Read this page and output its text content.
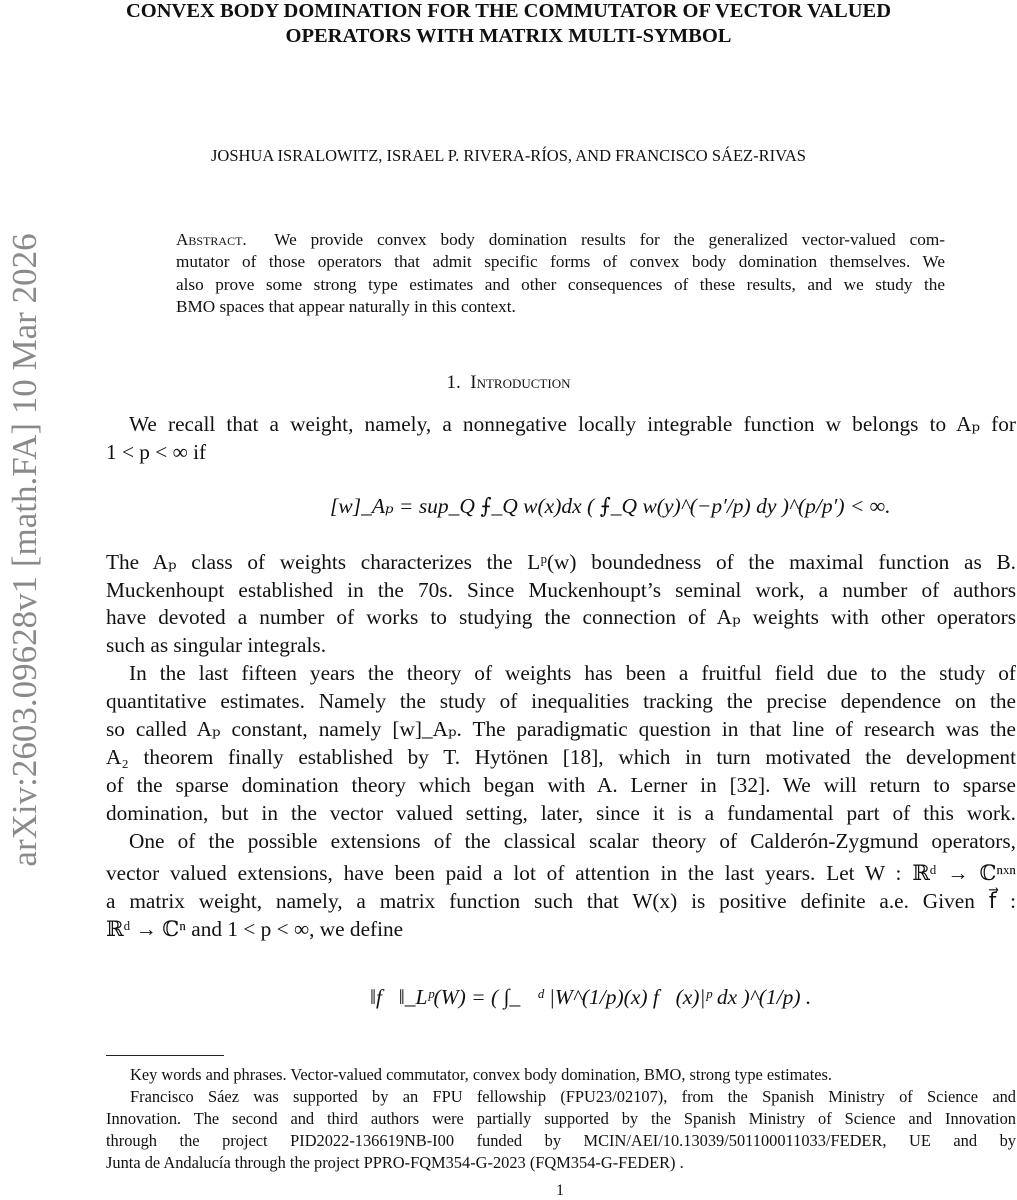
arXiv:2603.09628v1 [math.FA] 10 Mar 2026
CONVEX BODY DOMINATION FOR THE COMMUTATOR OF VECTOR VALUED
OPERATORS WITH MATRIX MULTI-SYMBOL
JOSHUA ISRALOWITZ, ISRAEL P. RIVERA-RÍOS, AND FRANCISCO SÁEZ-RIVAS
Abstract. We provide convex body domination results for the generalized vector-valued com-
mutator of those operators that admit specific forms of convex body domination themselves. We
also prove some strong type estimates and other consequences of these results, and we study the
BMO spaces that appear naturally in this context.
1. Introduction
We recall that a weight, namely, a nonnegative locally integrable function w belongs to Aₚ for
1 < p < ∞ if
[w]_Aₚ = sup_Q ⨍_Q w(x)dx ( ⨍_Q w(y)^(−p′/p) dy )^(p/p′) < ∞.
The Aₚ class of weights characterizes the Lᵖ(w) boundedness of the maximal function as B.
Muckenhoupt established in the 70s. Since Muckenhoupt’s seminal work, a number of authors
have devoted a number of works to studying the connection of Aₚ weights with other operators
such as singular integrals.
In the last fifteen years the theory of weights has been a fruitful field due to the study of
quantitative estimates. Namely the study of inequalities tracking the precise dependence on the
so called Aₚ constant, namely [w]_Aₚ. The paradigmatic question in that line of research was the
A₂ theorem finally established by T. Hytönen [18], which in turn motivated the development
of the sparse domination theory which began with A. Lerner in [32]. We will return to sparse
domination, but in the vector valued setting, later, since it is a fundamental part of this work.
One of the possible extensions of the classical scalar theory of Calderón-Zygmund operators,
vector valued extensions, have been paid a lot of attention in the last years. Let W : ℝᵈ → ℂⁿˣⁿ
a matrix weight, namely, a matrix function such that W(x) is positive definite a.e. Given f⃗ :
ℝᵈ → ℂⁿ and 1 < p < ∞, we define
‖f⃗‖_Lᵖ(W) = ( ∫_ℝᵈ |W^(1/p)(x) f⃗(x)|ᵖ dx )^(1/p) .
Key words and phrases. Vector-valued commutator, convex body domination, BMO, strong type estimates.
Francisco Sáez was supported by an FPU fellowship (FPU23/02107), from the Spanish Ministry of Science and
Innovation. The second and third authors were partially supported by the Spanish Ministry of Science and Innovation
through the project PID2022-136619NB-I00 funded by MCIN/AEI/10.13039/501100011033/FEDER, UE and by
Junta de Andalucía through the project PPRO-FQM354-G-2023 (FQM354-G-FEDER) .
1
